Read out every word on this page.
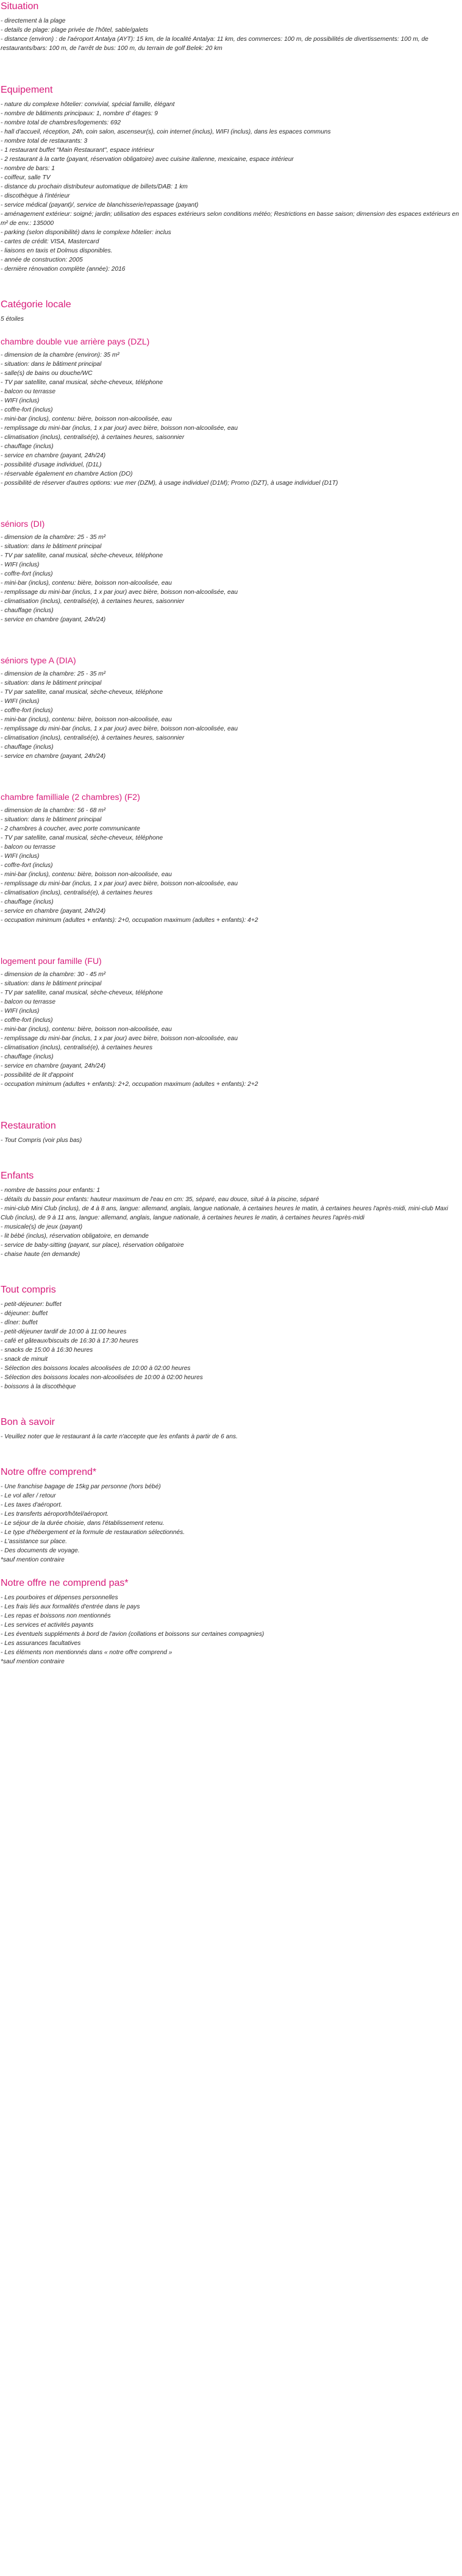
Situation
- directement à la plage
- details de plage: plage privée de l'hôtel, sable/galets
- distance (environ) : de l'aéroport Antalya (AYT): 15 km, de la localité Antalya: 11 km, des commerces: 100 m, de possibilités de divertissements: 100 m, de restaurants/bars: 100 m, de l'arrêt de bus: 100 m, du terrain de golf Belek: 20 km
Equipement
- nature du complexe hôtelier: convivial, spécial famille, élégant
- nombre de bâtiments principaux: 1, nombre d' étages: 9
- nombre total de chambres/logements: 692
- hall d'accueil, réception, 24h, coin salon, ascenseur(s), coin internet (inclus), WIFI (inclus), dans les espaces communs
- nombre total de restaurants: 3
- 1 restaurant buffet "Main Restaurant", espace intérieur
- 2 restaurant à la carte (payant, réservation obligatoire) avec cuisine italienne, mexicaine, espace intérieur
- nombre de bars: 1
- coiffeur, salle TV
- distance du prochain distributeur automatique de billets/DAB: 1 km
- discothèque à l'intérieur
- service médical (payant)/, service de blanchisserie/repassage (payant)
- aménagement extérieur: soigné; jardin; utilisation des espaces extérieurs selon conditions météo; Restrictions en basse saison; dimension des espaces extérieurs en m² de env.: 135000
- parking (selon disponibilité) dans le complexe hôtelier: inclus
- cartes de crédit: VISA, Mastercard
- liaisons en taxis et Dolmus disponibles.
- année de construction: 2005
- dernière rénovation complète (année): 2016
Catégorie locale
5 étoiles
chambre double vue arrière pays (DZL)
- dimension de la chambre (environ): 35 m²
- situation: dans le bâtiment principal
- salle(s) de bains ou douche/WC
- TV par satellite, canal musical, sèche-cheveux, téléphone
- balcon ou terrasse
- WIFI (inclus)
- coffre-fort (inclus)
- mini-bar (inclus), contenu: bière, boisson non-alcoolisée, eau
- remplissage du mini-bar (inclus, 1 x par jour) avec bière, boisson non-alcoolisée, eau
- climatisation (inclus), centralisé(e), à certaines heures, saisonnier
- chauffage (inclus)
- service en chambre (payant, 24h/24)
- possibilité d'usage individuel, (D1L)
- réservable également en chambre Action (DO)
- possibilité de réserver d'autres options: vue mer (DZM), à usage individuel (D1M); Promo (DZT), à usage individuel (D1T)
séniors (DI)
- dimension de la chambre: 25 - 35 m²
- situation: dans le bâtiment principal
- TV par satellite, canal musical, sèche-cheveux, téléphone
- WIFI (inclus)
- coffre-fort (inclus)
- mini-bar (inclus), contenu: bière, boisson non-alcoolisée, eau
- remplissage du mini-bar (inclus, 1 x par jour) avec bière, boisson non-alcoolisée, eau
- climatisation (inclus), centralisé(e), à certaines heures, saisonnier
- chauffage (inclus)
- service en chambre (payant, 24h/24)
séniors type A (DIA)
- dimension de la chambre: 25 - 35 m²
- situation: dans le bâtiment principal
- TV par satellite, canal musical, sèche-cheveux, téléphone
- WIFI (inclus)
- coffre-fort (inclus)
- mini-bar (inclus), contenu: bière, boisson non-alcoolisée, eau
- remplissage du mini-bar (inclus, 1 x par jour) avec bière, boisson non-alcoolisée, eau
- climatisation (inclus), centralisé(e), à certaines heures, saisonnier
- chauffage (inclus)
- service en chambre (payant, 24h/24)
chambre familliale (2 chambres) (F2)
- dimension de la chambre: 56 - 68 m²
- situation: dans le bâtiment principal
- 2 chambres à coucher, avec porte communicante
- TV par satellite, canal musical, sèche-cheveux, téléphone
- balcon ou terrasse
- WIFI (inclus)
- coffre-fort (inclus)
- mini-bar (inclus), contenu: bière, boisson non-alcoolisée, eau
- remplissage du mini-bar (inclus, 1 x par jour) avec bière, boisson non-alcoolisée, eau
- climatisation (inclus), centralisé(e), à certaines heures
- chauffage (inclus)
- service en chambre (payant, 24h/24)
- occupation minimum (adultes + enfants): 2+0, occupation maximum (adultes + enfants): 4+2
logement pour famille (FU)
- dimension de la chambre: 30 - 45 m²
- situation: dans le bâtiment principal
- TV par satellite, canal musical, sèche-cheveux, téléphone
- balcon ou terrasse
- WIFI (inclus)
- coffre-fort (inclus)
- mini-bar (inclus), contenu: bière, boisson non-alcoolisée, eau
- remplissage du mini-bar (inclus, 1 x par jour) avec bière, boisson non-alcoolisée, eau
- climatisation (inclus), centralisé(e), à certaines heures
- chauffage (inclus)
- service en chambre (payant, 24h/24)
- possibilité de lit d'appoint
- occupation minimum (adultes + enfants): 2+2, occupation maximum (adultes + enfants): 2+2
Restauration
- Tout Compris (voir plus bas)
Enfants
- nombre de bassins pour enfants: 1
- détails du bassin pour enfants: hauteur maximum de l'eau en cm: 35, séparé, eau douce, situé à la piscine, séparé
- mini-club Mini Club (inclus), de 4 à 8 ans, langue: allemand, anglais, langue nationale, à certaines heures le matin, à certaines heures l'après-midi, mini-club Maxi Club (inclus), de 9 à 11 ans, langue: allemand, anglais, langue nationale, à certaines heures le matin, à certaines heures l'après-midi
- musicale(s) de jeux (payant)
- lit bébé (inclus), réservation obligatoire, en demande
- service de baby-sitting (payant, sur place), réservation obligatoire
- chaise haute (en demande)
Tout compris
- petit-déjeuner: buffet
- déjeuner: buffet
- dîner: buffet
- petit-déjeuner tardif de 10:00 à 11:00 heures
- café et gâteaux/biscuits de 16:30 à 17:30 heures
- snacks de 15:00 à 16:30 heures
- snack de minuit
- Sélection des boissons locales alcoolisées de 10:00 à 02:00 heures
- Sélection des boissons locales non-alcoolisées de 10:00 à 02:00 heures
- boissons à la discothèque
Bon à savoir
- Veuillez noter que le restaurant à la carte n'accepte que les enfants à partir de 6 ans.
Notre offre comprend*
- Une franchise bagage de 15kg par personne (hors bébé)
- Le vol aller / retour
- Les taxes d'aéroport.
- Les transferts aéroport/hôtel/aéroport.
- Le séjour de la durée choisie, dans l'établissement retenu.
- Le type d'hébergement et la formule de restauration sélectionnés.
- L'assistance sur place.
- Des documents de voyage.
*sauf mention contraire
Notre offre ne comprend pas*
- Les pourboires et dépenses personnelles
- Les frais liés aux formalités d'entrée dans le pays
- Les repas et boissons non mentionnés
- Les services et activités payants
- Les éventuels suppléments à bord de l'avion (collations et boissons sur certaines compagnies)
- Les assurances facultatives
- Les éléments non mentionnés dans « notre offre comprend »
*sauf mention contraire
